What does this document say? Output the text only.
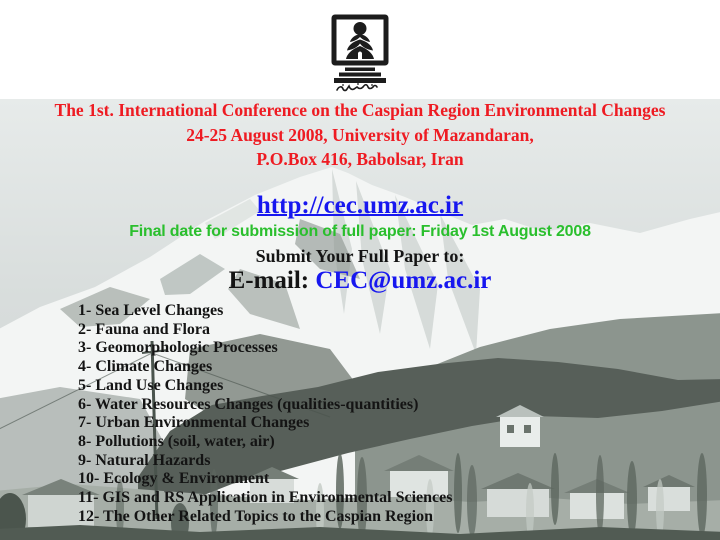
The 1st. International Conference on the Caspian Region Environmental Changes
24-25 August 2008, University of Mazandaran,
P.O.Box 416, Babolsar, Iran
http://cec.umz.ac.ir
Final date for submission of full paper: Friday 1st August 2008
Submit Your Full Paper to:
E-mail: CEC@umz.ac.ir
1- Sea Level Changes
2- Fauna and Flora
3- Geomorphologic Processes
4- Climate Changes
5- Land Use Changes
6- Water Resources Changes (qualities-quantities)
7- Urban Environmental Changes
8- Pollutions (soil, water, air)
9- Natural Hazards
10- Ecology & Environment
11- GIS and RS Application in Environmental Sciences
12- The Other Related Topics to the Caspian Region
